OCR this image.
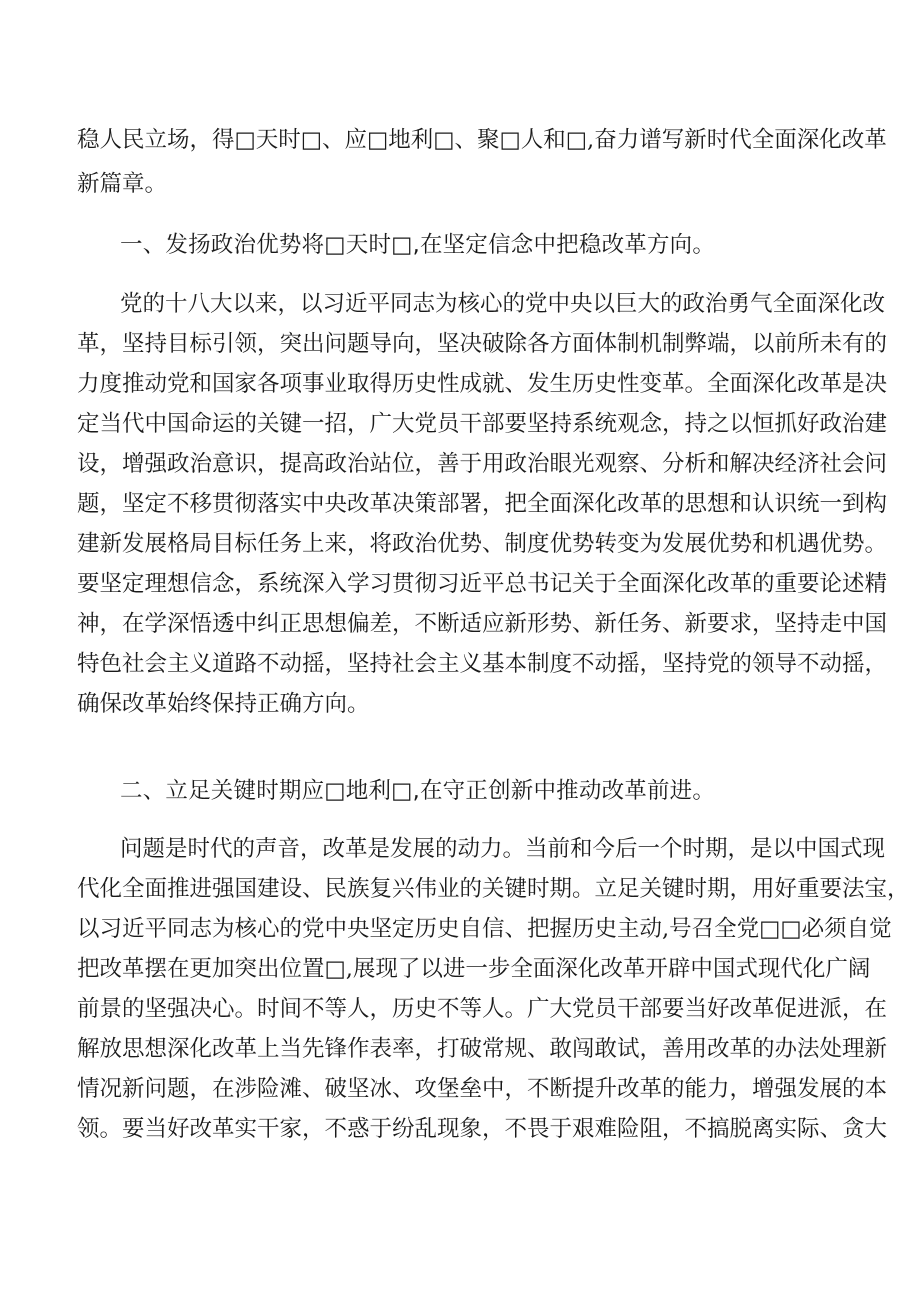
稳人民立场，得□天时□、应□地利□、聚□人和□,奋力谱写新时代全面深化改革
新篇章。
一、发扬政治优势将□天时□,在坚定信念中把稳改革方向。
党的十八大以来，以习近平同志为核心的党中央以巨大的政治勇气全面深化改
革，坚持目标引领，突出问题导向，坚决破除各方面体制机制弊端，以前所未有的
力度推动党和国家各项事业取得历史性成就、发生历史性变革。全面深化改革是决
定当代中国命运的关键一招，广大党员干部要坚持系统观念，持之以恒抓好政治建
设，增强政治意识，提高政治站位，善于用政治眼光观察、分析和解决经济社会问
题，坚定不移贯彻落实中央改革决策部署，把全面深化改革的思想和认识统一到构
建新发展格局目标任务上来，将政治优势、制度优势转变为发展优势和机遇优势。
要坚定理想信念，系统深入学习贯彻习近平总书记关于全面深化改革的重要论述精
神，在学深悟透中纠正思想偏差，不断适应新形势、新任务、新要求，坚持走中国
特色社会主义道路不动摇，坚持社会主义基本制度不动摇，坚持党的领导不动摇，
确保改革始终保持正确方向。
二、立足关键时期应□地利□,在守正创新中推动改革前进。
问题是时代的声音，改革是发展的动力。当前和今后一个时期，是以中国式现
代化全面推进强国建设、民族复兴伟业的关键时期。立足关键时期，用好重要法宝，
以习近平同志为核心的党中央坚定历史自信、把握历史主动,号召全党□□必须自觉
把改革摆在更加突出位置□,展现了以进一步全面深化改革开辟中国式现代化广阔
前景的坚强决心。时间不等人，历史不等人。广大党员干部要当好改革促进派，在
解放思想深化改革上当先锋作表率，打破常规、敢闯敢试，善用改革的办法处理新
情况新问题，在涉险滩、破坚冰、攻堡垒中，不断提升改革的能力，增强发展的本
领。要当好改革实干家，不惑于纷乱现象，不畏于艰难险阻，不搞脱离实际、贪大
